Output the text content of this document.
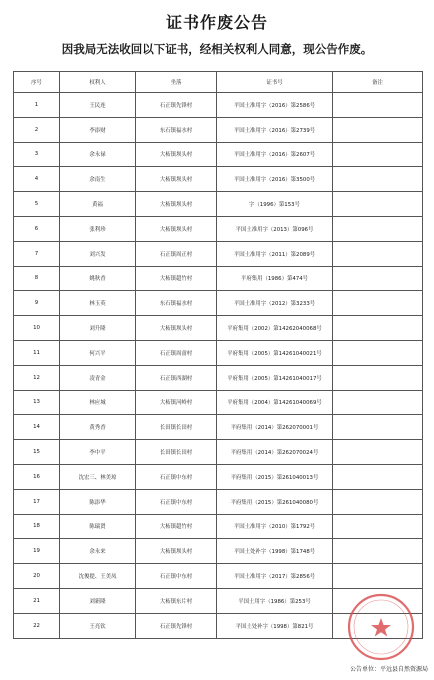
证书作废公告
因我局无法收回以下证书，经相关权利人同意，现公告作废。
序号	权利人	坐落	证书号	备注
1	王民连	石正镇先锋村	平国土准用字（2016）第2586号	
2	李添财	东石镇福水村	平国土准用字（2016）第2739号	
3	余永禄	大柘镇坝头村	平国土准用字（2016）第2607号	
4	余南生	大柘镇坝头村	平国土准用字（2016）第3500号	
5	黄福	大柘镇坝头村	字（1996）第153号	
6	张利珍	大柘镇坝头村	平国土准用字（2013）第096号	
7	刘兴发	石正镇周正村	平国土准用字（2011）第2089号	
8	姚秋香	大柘镇超竹村	平府集用（1986）第474号	
9	林玉英	东石镇福水村	平国土准用字（2012）第3233号	
10	刘升隆	大柘镇坝头村	平府集用（2002）第14262040068号	
11	何兴平	石正镇周畲村	平府集用（2005）第14261040021号	
12	凌青金	石正镇西湖村	平府集用（2005）第14261040017号	
13	林应城	大柘镇河岭村	平府集用（2004）第14261040069号	
14	黄秀香	长田镇长田村	平府集用（2014）第262070001号	
15	李中平	长田镇长田村	平府集用（2014）第262070024号	
16	沈宏三、林美琼	石正镇中东村	平府集用（2015）第261040013号	
17	陈添华	石正镇中东村	平府集用（2015）第261040080号	
18	陈瑞贤	大柘镇超竹村	平国土准用字（2010）第1792号	
19	余永来	大柘镇坝头村	平国土处补字（1998）第1748号	
20	沈俊提、王美凤	石正镇中东村	平国土准用字（2017）第2856号	
21	刘新隆	大柘镇东片村	平国土用字（1986）第253号	
22	王亮钦	石正镇先锋村	平国土处补字（1998）第821号	
公告单位：平远县自然资源局
